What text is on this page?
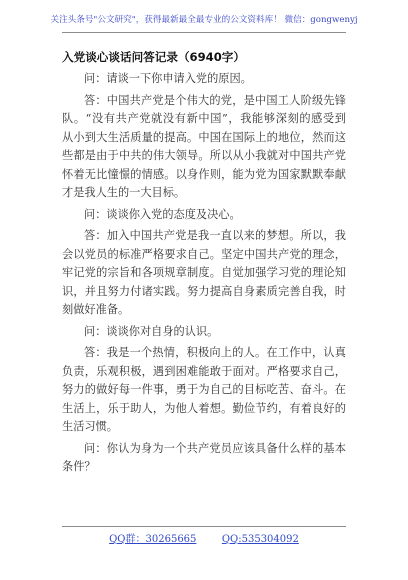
关注头条号"公文研究"，获得最新最全最专业的公文资料库！ 微信：gongwenyj
入党谈心谈话问答记录（6940字）
问：请谈一下你申请入党的原因。
答：中国共产党是个伟大的党，是中国工人阶级先锋
队。“没有共产党就没有新中国”，我能够深刻的感受到
从小到大生活质量的提高。中国在国际上的地位，然而这
些都是由于中共的伟大领导。所以从小我就对中国共产党
怀着无比憧憬的情感。以身作则，能为党为国家默默奉献
才是我人生的一大目标。
问：谈谈你入党的态度及决心。
答：加入中国共产党是我一直以来的梦想。所以，我
会以党员的标准严格要求自己。坚定中国共产党的理念，
牢记党的宗旨和各项规章制度。自觉加强学习党的理论知
识，并且努力付诸实践。努力提高自身素质完善自我，时
刻做好准备。
问：谈谈你对自身的认识。
答：我是一个热情，积极向上的人。在工作中，认真
负责，乐观积极，遇到困难能敢于面对。严格要求自己，
努力的做好每一件事，勇于为自己的目标吃苦、奋斗。在
生活上，乐于助人，为他人着想。勤俭节约，有着良好的
生活习惯。
问：你认为身为一个共产党员应该具备什么样的基本
条件？
QQ群：30265665	QQ:535304092
